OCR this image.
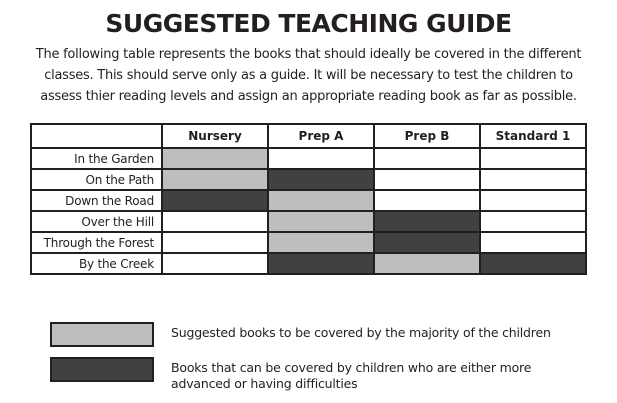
SUGGESTED TEACHING GUIDE
The following table represents the books that should ideally be covered in the different
classes. This should serve only as a guide. It will be necessary to test the children to
assess thier reading levels and assign an appropriate reading book as far as possible.
	Nursery	Prep A	Prep B	Standard 1
In the Garden				
On the Path				
Down the Road				
Over the Hill				
Through the Forest				
By the Creek				
Suggested books to be covered by the majority of the children
Books that can be covered by children who are either more
advanced or having difficulties
